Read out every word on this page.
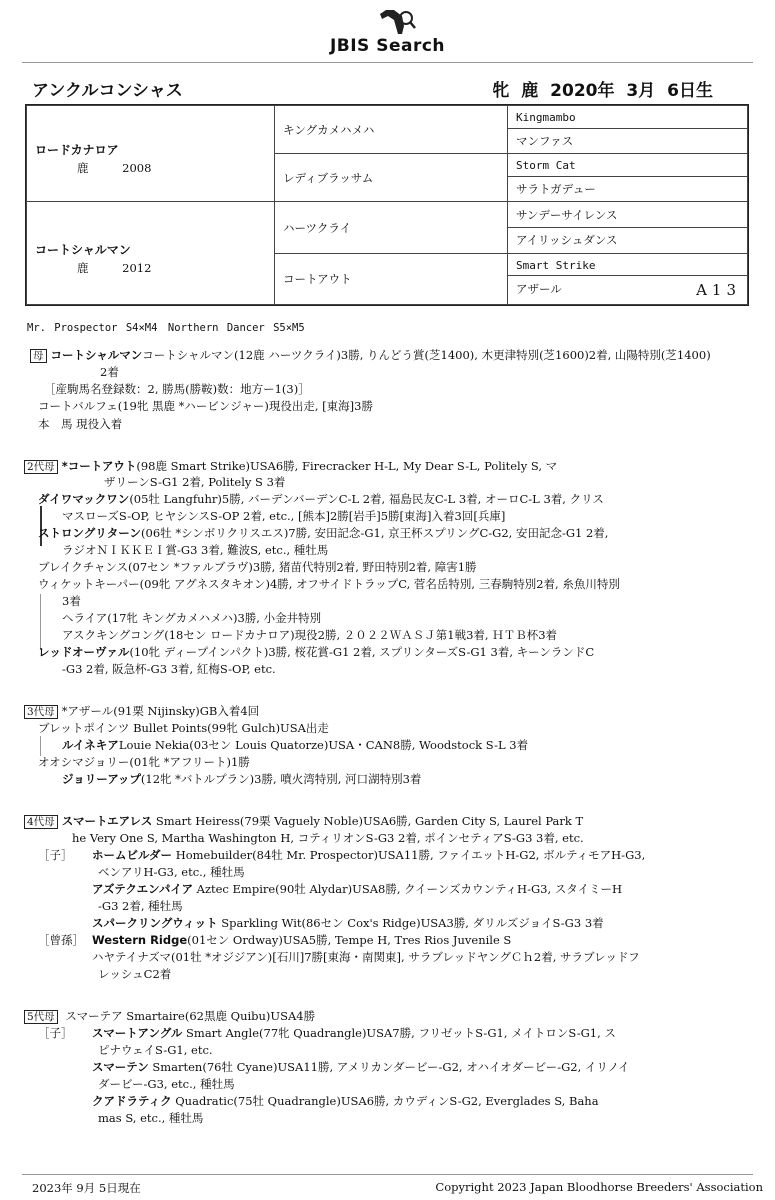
JBIS Search
アンクルコンシャス	牝 鹿 2020年 3月 6日生
ロードカナロア
鹿 2008	キングカメハメハ	Kingmambo
		マンファス
	レディブラッサム	Storm Cat
		サラトガデュー

コートシャルマン
鹿 2012	ハーツクライ	サンデーサイレンス
		アイリッシュダンス
	コートアウト	Smart Strike
		アザール A13
Mr. Prospector S4×M4　Northern Dancer S5×M5
母 コートシャルマンコートシャルマン(12鹿 ハーツクライ)3勝, りんどう賞(芝1400), 木更津特別(芝1600)2着, 山陽特別(芝1400)
2着
［産駒馬名登録数：2, 勝馬(勝鞍)数：地方ー1(3)］
コートバルフェ(19牝 黒鹿 *ハービンジャー)現役出走, [東海]3勝
本　馬 現役入着
2代母 *コートアウト(98鹿 Smart Strike)USA6勝, Firecracker H-L, My Dear S-L, Politely S, マ
ザリーンS-G1 2着, Politely S 3着
ダイワマックワン(05牡 Langfuhr)5勝, バーデンバーデンC-L 2着, 福島民友C-L 3着, オーロC-L 3着, クリス
マスローズS-OP, ヒヤシンスS-OP 2着, etc., [熊本]2勝[岩手]5勝[東海]入着3回[兵庫]
ストロングリターン(06牡 *シンボリクリスエス)7勝, 安田記念-G1, 京王杯スプリングC-G2, 安田記念-G1 2着,
ラジオＮＩＫＫＥＩ賞-G3 3着, 難波S, etc., 種牡馬
ブレイクチャンス(07セン *ファルブラヴ)3勝, 猪苗代特別2着, 野田特別2着, 障害1勝
ウィケットキーパー(09牝 アグネスタキオン)4勝, オフサイドトラップC, 菅名岳特別, 三春駒特別2着, 糸魚川特別
3着
ヘライア(17牝 キングカメハメハ)3勝, 小金井特別
アスクキングコング(18セン ロードカナロア)現役2勝, ２０２２ＷＡＳＪ第1戦3着, ＨＴＢ杯3着
レッドオーヴァル(10牝 ディープインパクト)3勝, 桜花賞-G1 2着, スプリンターズS-G1 3着, キーンランドC
-G3 2着, 阪急杯-G3 3着, 紅梅S-OP, etc.
3代母 *アザール(91栗 Nijinsky)GB入着4回
ブレットポインツ Bullet Points(99牝 Gulch)USA出走
ルイネキアLouie Nekia(03セン Louis Quatorze)USA・CAN8勝, Woodstock S-L 3着
オオシマジョリー(01牝 *アフリート)1勝
ジョリーアップ(12牝 *バトルプラン)3勝, 噴火湾特別, 河口湖特別3着
4代母 スマートエアレス Smart Heiress(79栗 Vaguely Noble)USA6勝, Garden City S, Laurel Park T
he Very One S, Martha Washington H, コティリオンS-G3 2着, ポインセティアS-G3 3着, etc.
［子］ ホームビルダー Homebuilder(84牡 Mr. Prospector)USA11勝, ファイエットH-G2, ボルティモアH-G3,
ベンアリH-G3, etc., 種牡馬
アズテクエンパイア Aztec Empire(90牡 Alydar)USA8勝, クイーンズカウンティH-G3, スタイミーH
-G3 2着, 種牡馬
スパークリングウィット Sparkling Wit(86セン Cox's Ridge)USA3勝, ダリルズジョイS-G3 3着
［曾孫］ Western Ridge(01セン Ordway)USA5勝, Tempe H, Tres Rios Juvenile S
ハヤテイナズマ(01牡 *オジジアン)[石川]7勝[東海・南関東], サラブレッドヤングＣｈ2着, サラブレッドフ
レッシュC2着
5代母 スマーテア Smartaire(62黒鹿 Quibu)USA4勝
［子］ スマートアングル Smart Angle(77牝 Quadrangle)USA7勝, フリゼットS-G1, メイトロンS-G1, ス
ピナウェイS-G1, etc.
スマーテン Smarten(76牡 Cyane)USA11勝, アメリカンダービー-G2, オハイオダービー-G2, イリノイ
ダービー-G3, etc., 種牡馬
クアドラティク Quadratic(75牡 Quadrangle)USA6勝, カウディンS-G2, Everglades S, Baha
mas S, etc., 種牡馬
2023年 9月 5日現在	Copyright 2023 Japan Bloodhorse Breeders' Association
